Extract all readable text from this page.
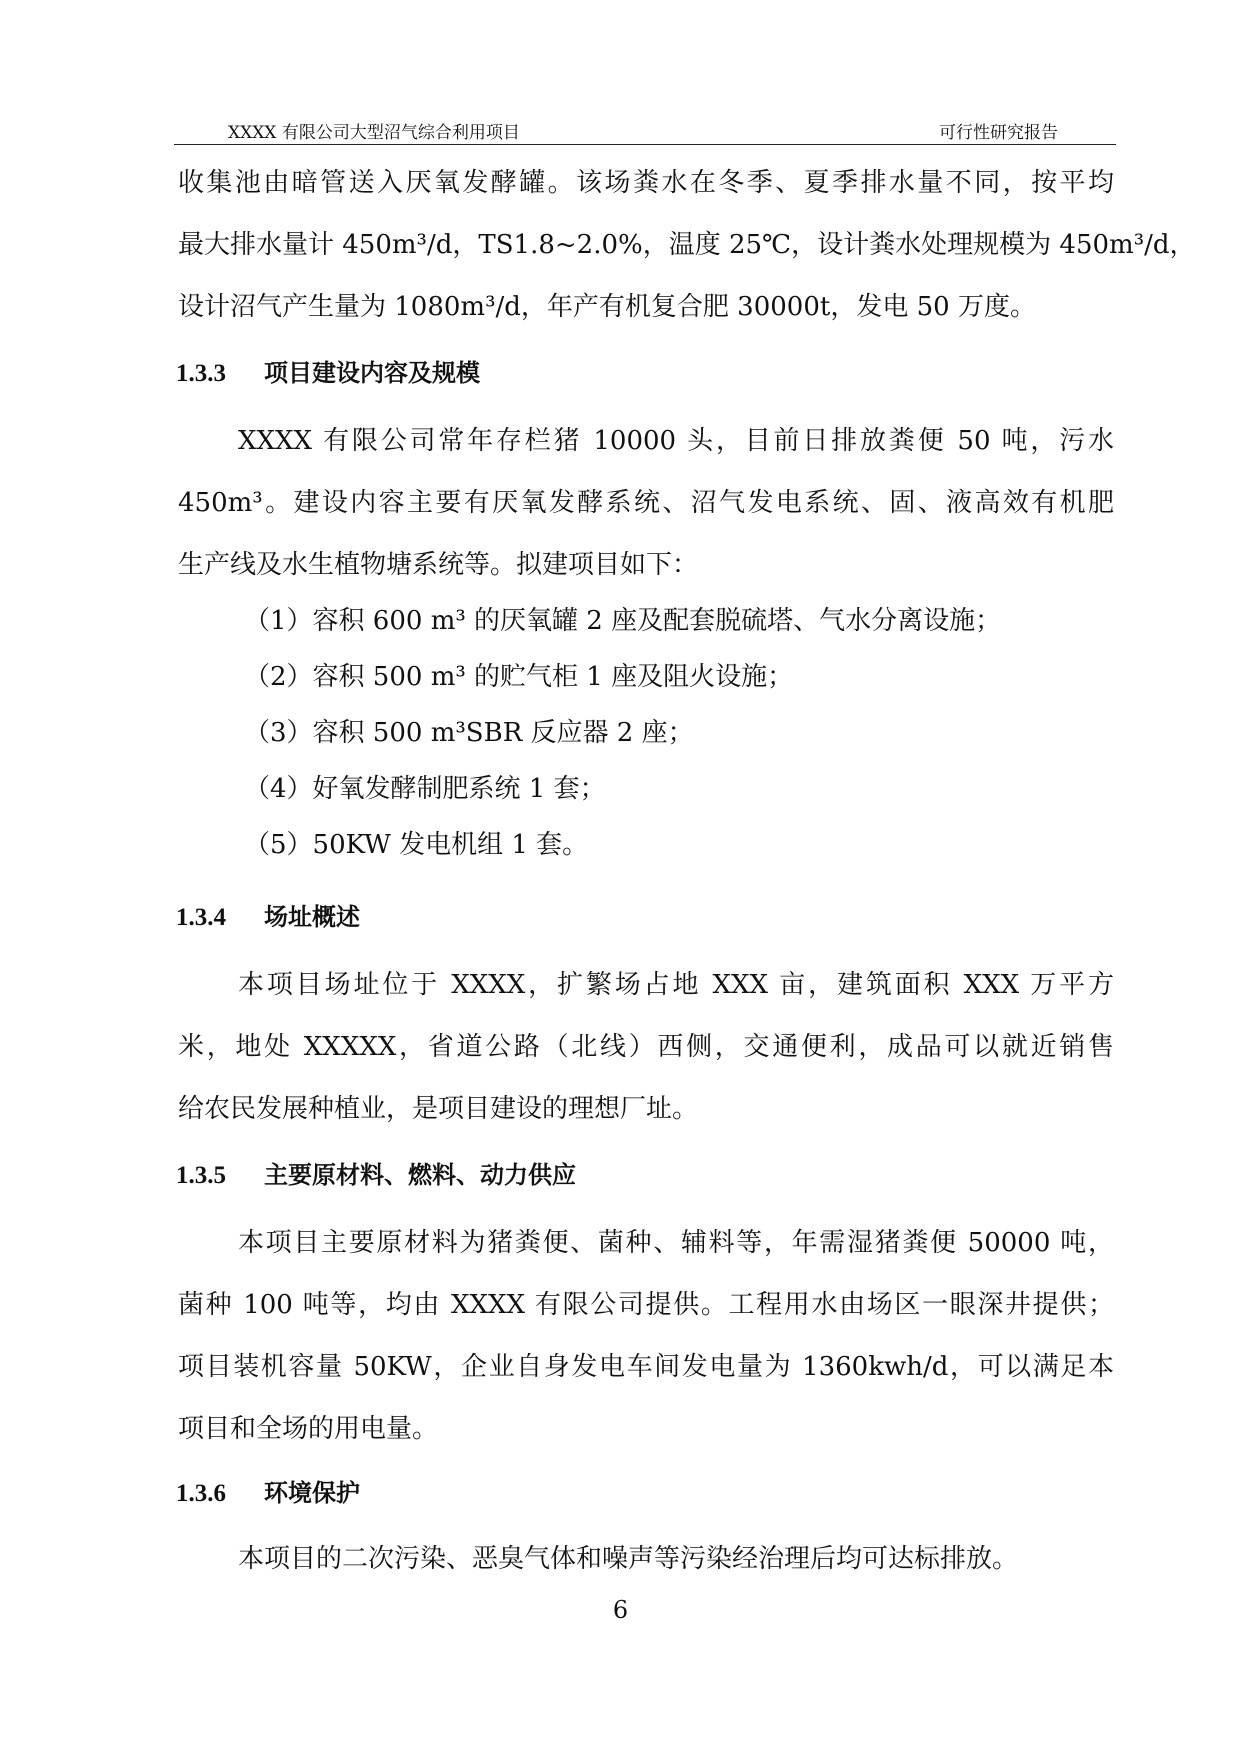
XXXX 有限公司大型沼气综合利用项目	可行性研究报告
收集池由暗管送入厌氧发酵罐。该场粪水在冬季、夏季排水量不同，按平均
最大排水量计 450m³/d，TS1.8~2.0%，温度 25℃，设计粪水处理规模为 450m³/d，
设计沼气产生量为 1080m³/d，年产有机复合肥 30000t，发电 50 万度。
1.3.3 项目建设内容及规模
XXXX 有限公司常年存栏猪 10000 头，目前日排放粪便 50 吨，污水
450m³。建设内容主要有厌氧发酵系统、沼气发电系统、固、液高效有机肥
生产线及水生植物塘系统等。拟建项目如下：
（1）容积 600 m³ 的厌氧罐 2 座及配套脱硫塔、气水分离设施；
（2）容积 500 m³ 的贮气柜 1 座及阻火设施；
（3）容积 500 m³SBR 反应器 2 座；
（4）好氧发酵制肥系统 1 套；
（5）50KW 发电机组 1 套。
1.3.4 场址概述
本项目场址位于 XXXX，扩繁场占地 XXX 亩，建筑面积 XXX 万平方
米，地处 XXXXX，省道公路（北线）西侧，交通便利，成品可以就近销售
给农民发展种植业，是项目建设的理想厂址。
1.3.5 主要原材料、燃料、动力供应
本项目主要原材料为猪粪便、菌种、辅料等，年需湿猪粪便 50000 吨，
菌种 100 吨等，均由 XXXX 有限公司提供。工程用水由场区一眼深井提供；
项目装机容量 50KW，企业自身发电车间发电量为 1360kwh/d，可以满足本
项目和全场的用电量。
1.3.6 环境保护
本项目的二次污染、恶臭气体和噪声等污染经治理后均可达标排放。
6
